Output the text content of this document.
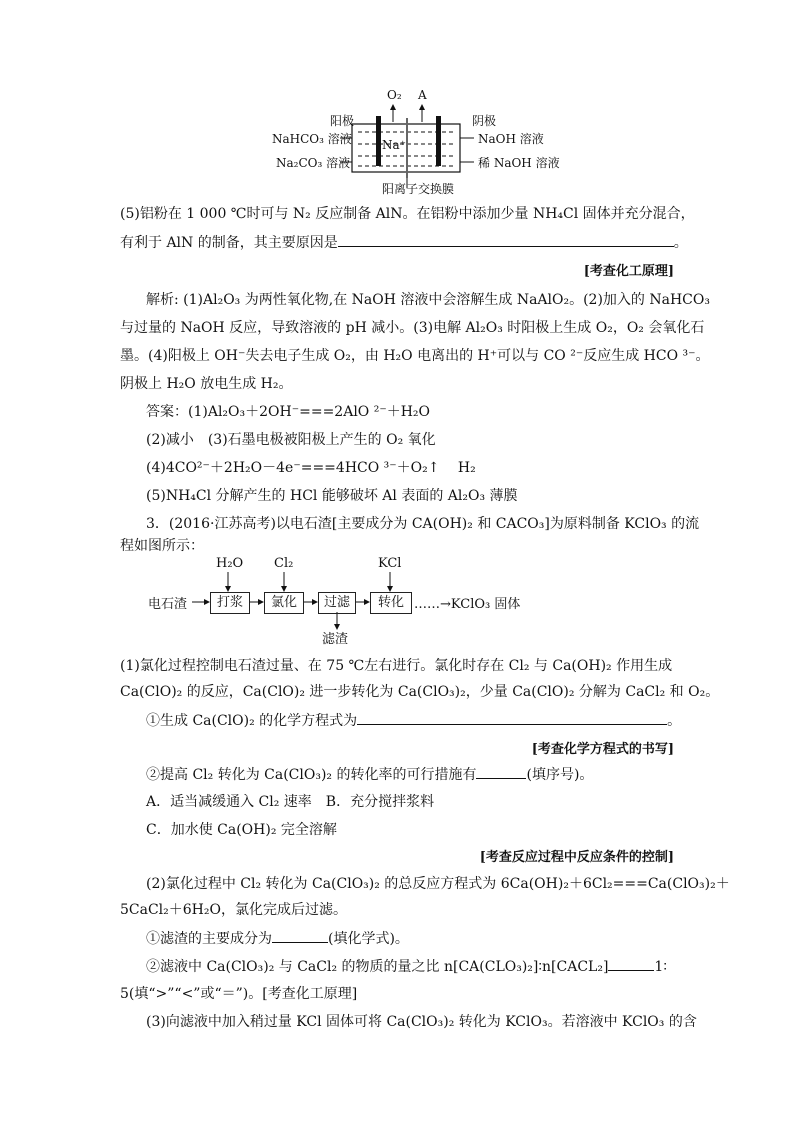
O₂ A
阳极	阴极
NaHCO₃ 溶液
Na₂CO₃ 溶液
NaOH 溶液
稀 NaOH 溶液
Na⁺
阳离子交换膜
(5)铝粉在 1 000 ℃时可与 N₂ 反应制备 AlN。在铝粉中添加少量 NH₄Cl 固体并充分混合，
有利于 AlN 的制备，其主要原因是	。
[考查化工原理]
解析: (1)Al₂O₃ 为两性氧化物,在 NaOH 溶液中会溶解生成 NaAlO₂。(2)加入的 NaHCO₃
与过量的 NaOH 反应，导致溶液的 pH 减小。(3)电解 Al₂O₃ 时阳极上生成 O₂，O₂ 会氧化石
墨。(4)阳极上 OH⁻失去电子生成 O₂，由 H₂O 电离出的 H⁺可以与 CO ²⁻反应生成 HCO ³⁻。
阴极上 H₂O 放电生成 H₂。
答案：(1)Al₂O₃＋2OH⁻===2AlO ²⁻＋H₂O
(2)减小　(3)石墨电极被阳极上产生的 O₂ 氧化
(4)4CO²⁻＋2H₂O－4e⁻===4HCO ³⁻＋O₂↑　 H₂
(5)NH₄Cl 分解产生的 HCl 能够破坏 Al 表面的 Al₂O₃ 薄膜
3．(2016·江苏高考)以电石渣[主要成分为 CA(OH)₂ 和 CACO₃]为原料制备 KClO₃ 的流
程如图所示：
H₂O Cl₂	KCl
电石渣	打浆	氯化	过滤	转化 ……→KClO₃ 固体
滤渣
(1)氯化过程控制电石渣过量、在 75 ℃左右进行。氯化时存在 Cl₂ 与 Ca(OH)₂ 作用生成
Ca(ClO)₂ 的反应，Ca(ClO)₂ 进一步转化为 Ca(ClO₃)₂，少量 Ca(ClO)₂ 分解为 CaCl₂ 和 O₂。
①生成 Ca(ClO)₂ 的化学方程式为	。
[考查化学方程式的书写]
②提高 Cl₂ 转化为 Ca(ClO₃)₂ 的转化率的可行措施有	(填序号)。
A．适当减缓通入 Cl₂ 速率　B．充分搅拌浆料
C．加水使 Ca(OH)₂ 完全溶解
[考查反应过程中反应条件的控制]
(2)氯化过程中 Cl₂ 转化为 Ca(ClO₃)₂ 的总反应方程式为 6Ca(OH)₂＋6Cl₂===Ca(ClO₃)₂＋
5CaCl₂＋6H₂O，氯化完成后过滤。
①滤渣的主要成分为	(填化学式)。
②滤液中 Ca(ClO₃)₂ 与 CaCl₂ 的物质的量之比 n[CA(CLO₃)₂]∶n[CACL₂]	1∶
5(填“>”“<”或“＝”)。[考查化工原理]
(3)向滤液中加入稍过量 KCl 固体可将 Ca(ClO₃)₂ 转化为 KClO₃。若溶液中 KClO₃ 的含
